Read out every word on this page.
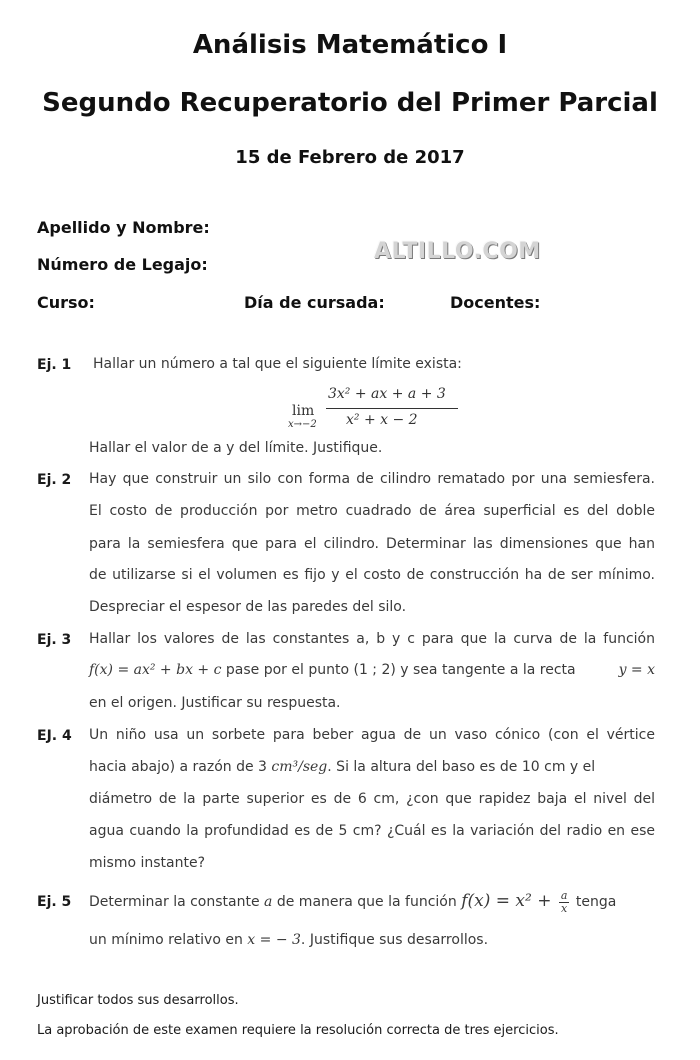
Análisis Matemático I
Segundo Recuperatorio del Primer Parcial
15 de Febrero de 2017
Apellido y Nombre:
Número de Legajo:
Curso:	Día de cursada:	Docentes:
ALTILLO.COM
Ej. 1 Hallar un número a tal que el siguiente límite exista:
lim
x→−2
3x² + ax + a + 3
x² + x − 2
Hallar el valor de a y del límite. Justifique.
Ej. 2 Hay que construir un silo con forma de cilindro rematado por una semiesfera.
El costo de producción por metro cuadrado de área superficial es del doble
para la semiesfera que para el cilindro. Determinar las dimensiones que han
de utilizarse si el volumen es fijo y el costo de construcción ha de ser mínimo.
Despreciar el espesor de las paredes del silo.
Ej. 3 Hallar los valores de las constantes a, b y c para que la curva de la función
f(x) = ax² + bx + c pase por el punto (1 ; 2) y sea tangente a la recta	y = x
en el origen. Justificar su respuesta.
EJ. 4 Un niño usa un sorbete para beber agua de un vaso cónico (con el vértice
hacia abajo) a razón de 3 cm³/seg. Si la altura del baso es de 10 cm y el
diámetro de la parte superior es de 6 cm, ¿con que rapidez baja el nivel del
agua cuando la profundidad es de 5 cm? ¿Cuál es la variación del radio en ese
mismo instante?
Ej. 5 Determinar la constante a de manera que la función $f(x) = x^2 + \frac{a}{x}$ tenga
un mínimo relativo en x = − 3. Justifique sus desarrollos.
Justificar todos sus desarrollos.
La aprobación de este examen requiere la resolución correcta de tres ejercicios.
